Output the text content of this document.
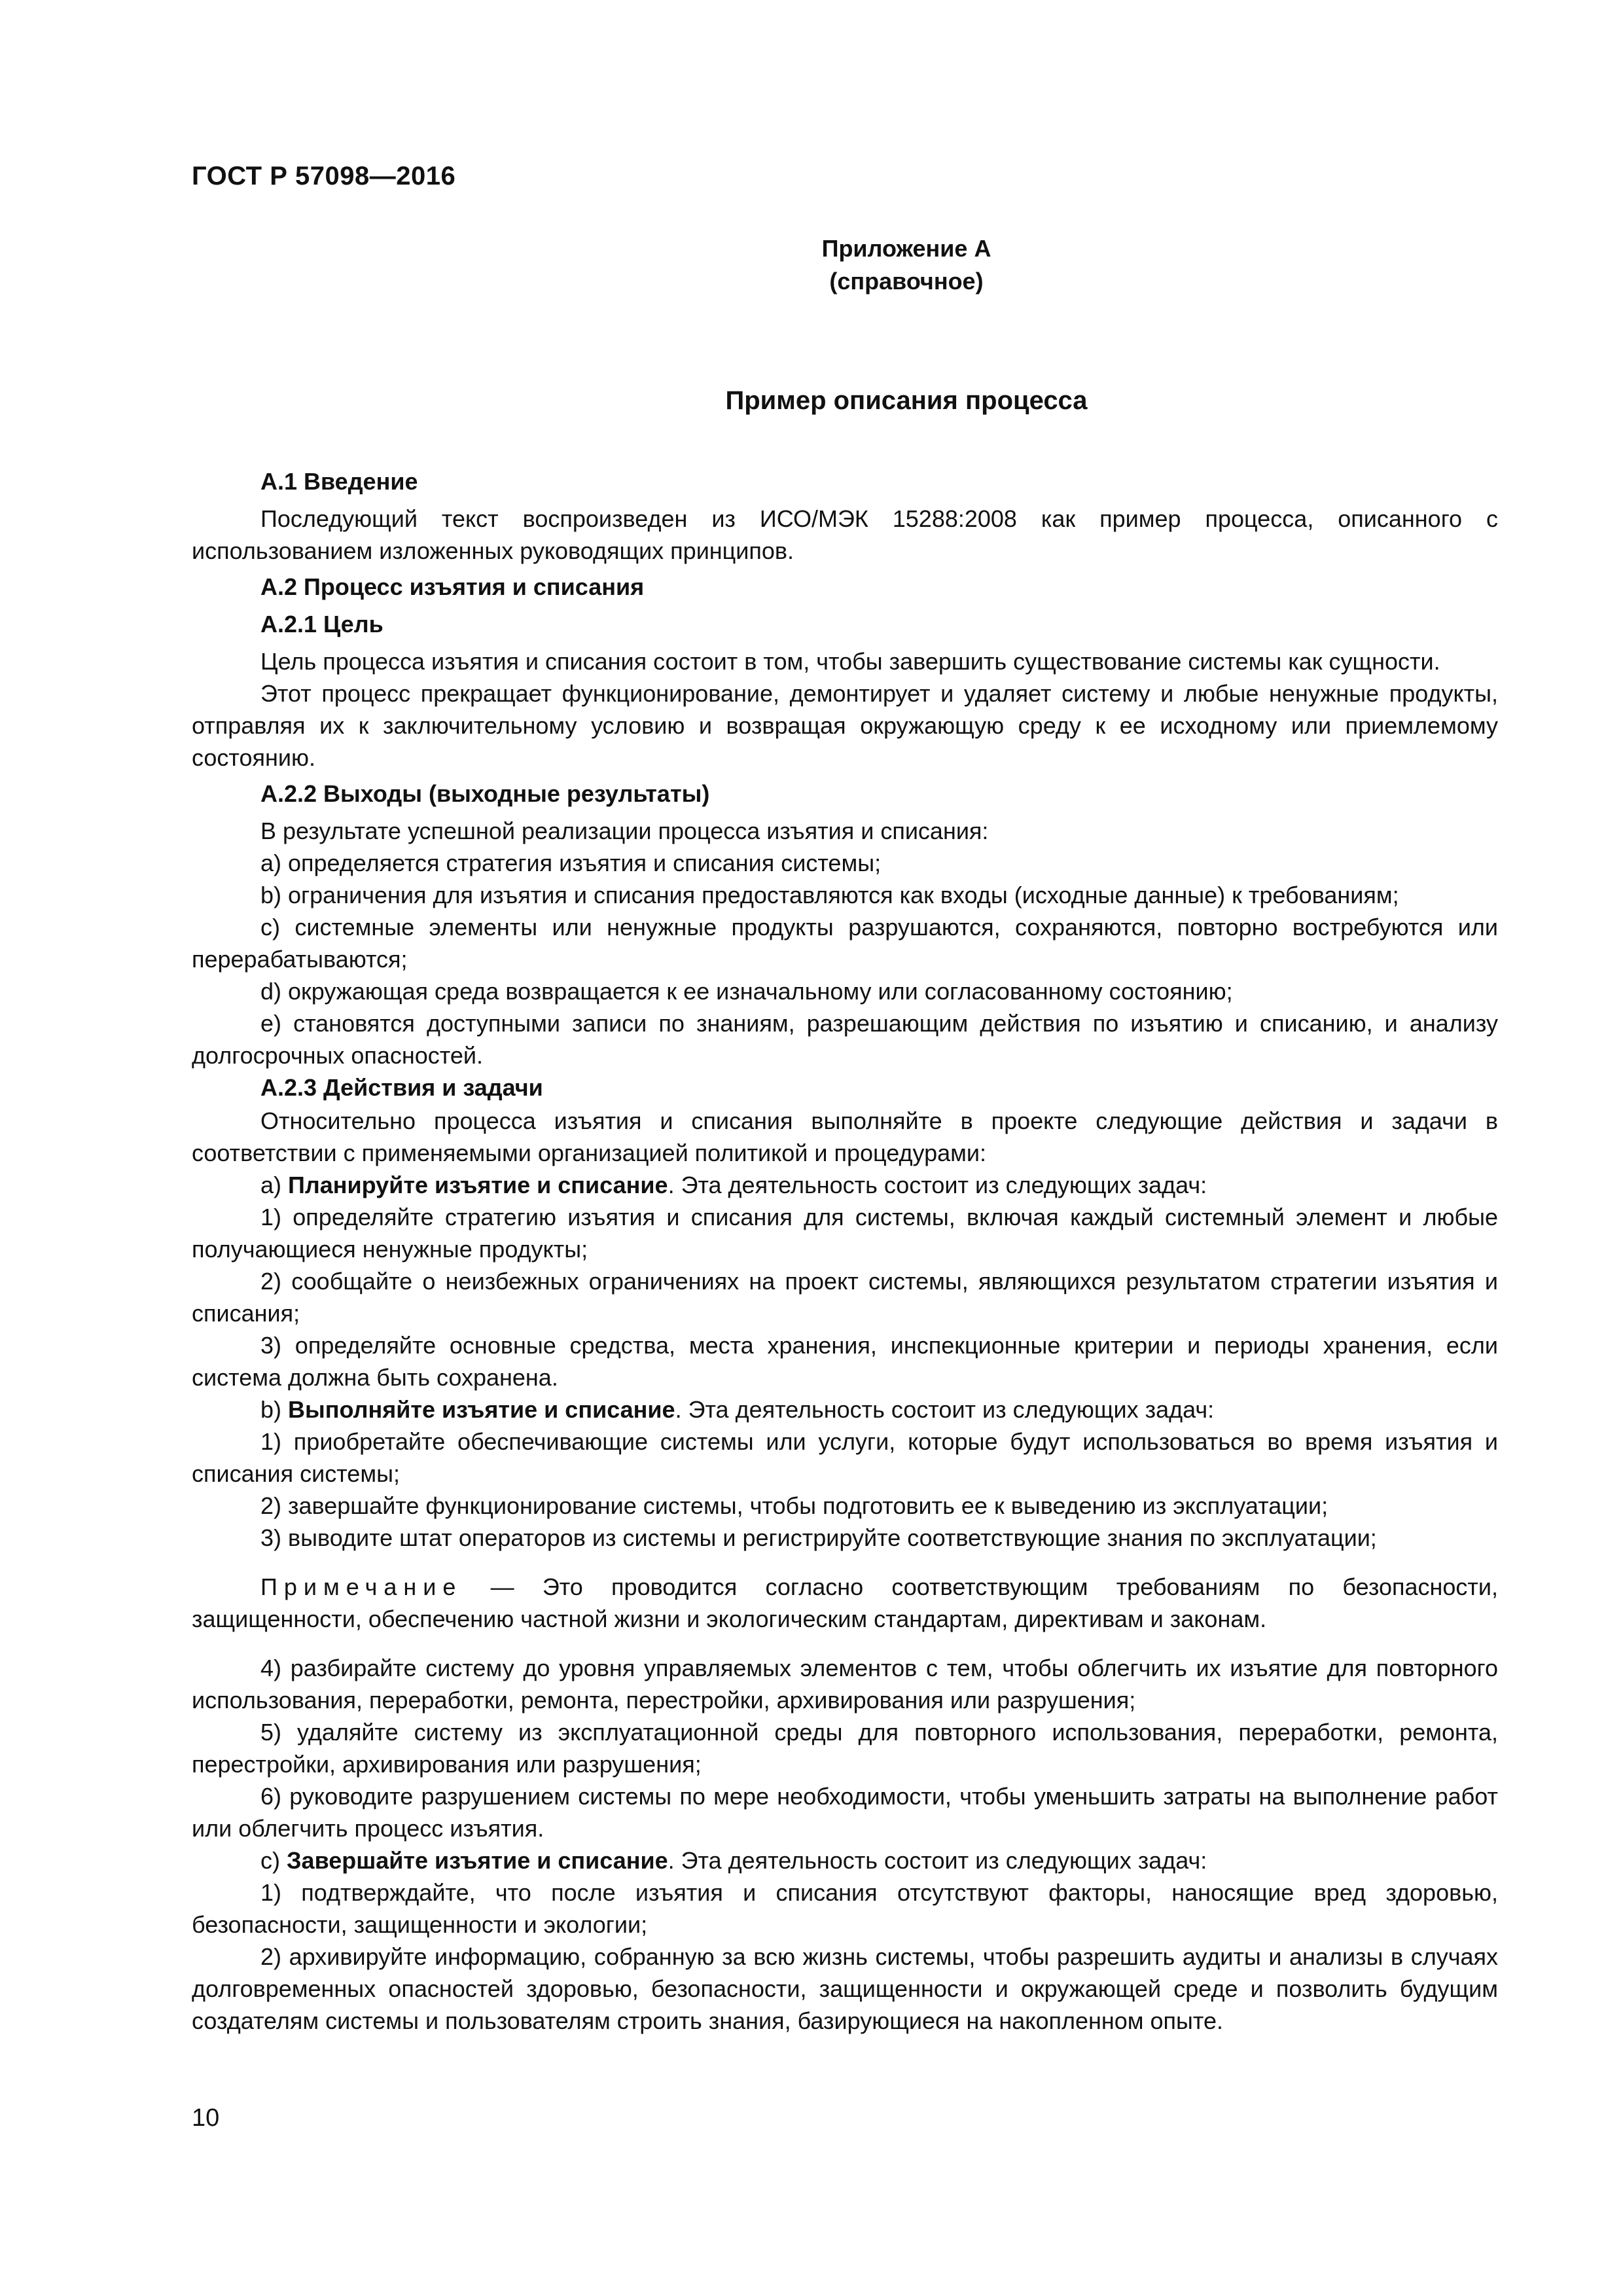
ГОСТ Р 57098—2016
Приложение А
(справочное)
Пример описания процесса

А.1 Введение

Последующий текст воспроизведен из ИСО/МЭК 15288:2008 как пример процесса, описанного с использованием изложенных руководящих принципов.

А.2 Процесс изъятия и списания

А.2.1 Цель

Цель процесса изъятия и списания состоит в том, чтобы завершить существование системы как сущности.

Этот процесс прекращает функционирование, демонтирует и удаляет систему и любые ненужные продукты, отправляя их к заключительному условию и возвращая окружающую среду к ее исходному или приемлемому состоянию.

А.2.2 Выходы (выходные результаты)

В результате успешной реализации процесса изъятия и списания:

а) определяется стратегия изъятия и списания системы;

b) ограничения для изъятия и списания предоставляются как входы (исходные данные) к требованиям;

с) системные элементы или ненужные продукты разрушаются, сохраняются, повторно востребуются или перерабатываются;

d) окружающая среда возвращается к ее изначальному или согласованному состоянию;

е) становятся доступными записи по знаниям, разрешающим действия по изъятию и списанию, и анализу долгосрочных опасностей.

А.2.3 Действия и задачи

Относительно процесса изъятия и списания выполняйте в проекте следующие действия и задачи в соответствии с применяемыми организацией политикой и процедурами:

а) Планируйте изъятие и списание. Эта деятельность состоит из следующих задач:

1) определяйте стратегию изъятия и списания для системы, включая каждый системный элемент и любые получающиеся ненужные продукты;

2) сообщайте о неизбежных ограничениях на проект системы, являющихся результатом стратегии изъятия и списания;

3) определяйте основные средства, места хранения, инспекционные критерии и периоды хранения, если система должна быть сохранена.

b) Выполняйте изъятие и списание. Эта деятельность состоит из следующих задач:

1) приобретайте обеспечивающие системы или услуги, которые будут использоваться во время изъятия и списания системы;

2) завершайте функционирование системы, чтобы подготовить ее к выведению из эксплуатации;

3) выводите штат операторов из системы и регистрируйте соответствующие знания по эксплуатации;

Примечание — Это проводится согласно соответствующим требованиям по безопасности, защищенности, обеспечению частной жизни и экологическим стандартам, директивам и законам.

4) разбирайте систему до уровня управляемых элементов с тем, чтобы облегчить их изъятие для повторного использования, переработки, ремонта, перестройки, архивирования или разрушения;

5) удаляйте систему из эксплуатационной среды для повторного использования, переработки, ремонта, перестройки, архивирования или разрушения;

6) руководите разрушением системы по мере необходимости, чтобы уменьшить затраты на выполнение работ или облегчить процесс изъятия.

с) Завершайте изъятие и списание. Эта деятельность состоит из следующих задач:

1) подтверждайте, что после изъятия и списания отсутствуют факторы, наносящие вред здоровью, безопасности, защищенности и экологии;

2) архивируйте информацию, собранную за всю жизнь системы, чтобы разрешить аудиты и анализы в случаях долговременных опасностей здоровью, безопасности, защищенности и окружающей среде и позволить будущим создателям системы и пользователям строить знания, базирующиеся на накопленном опыте.

10
